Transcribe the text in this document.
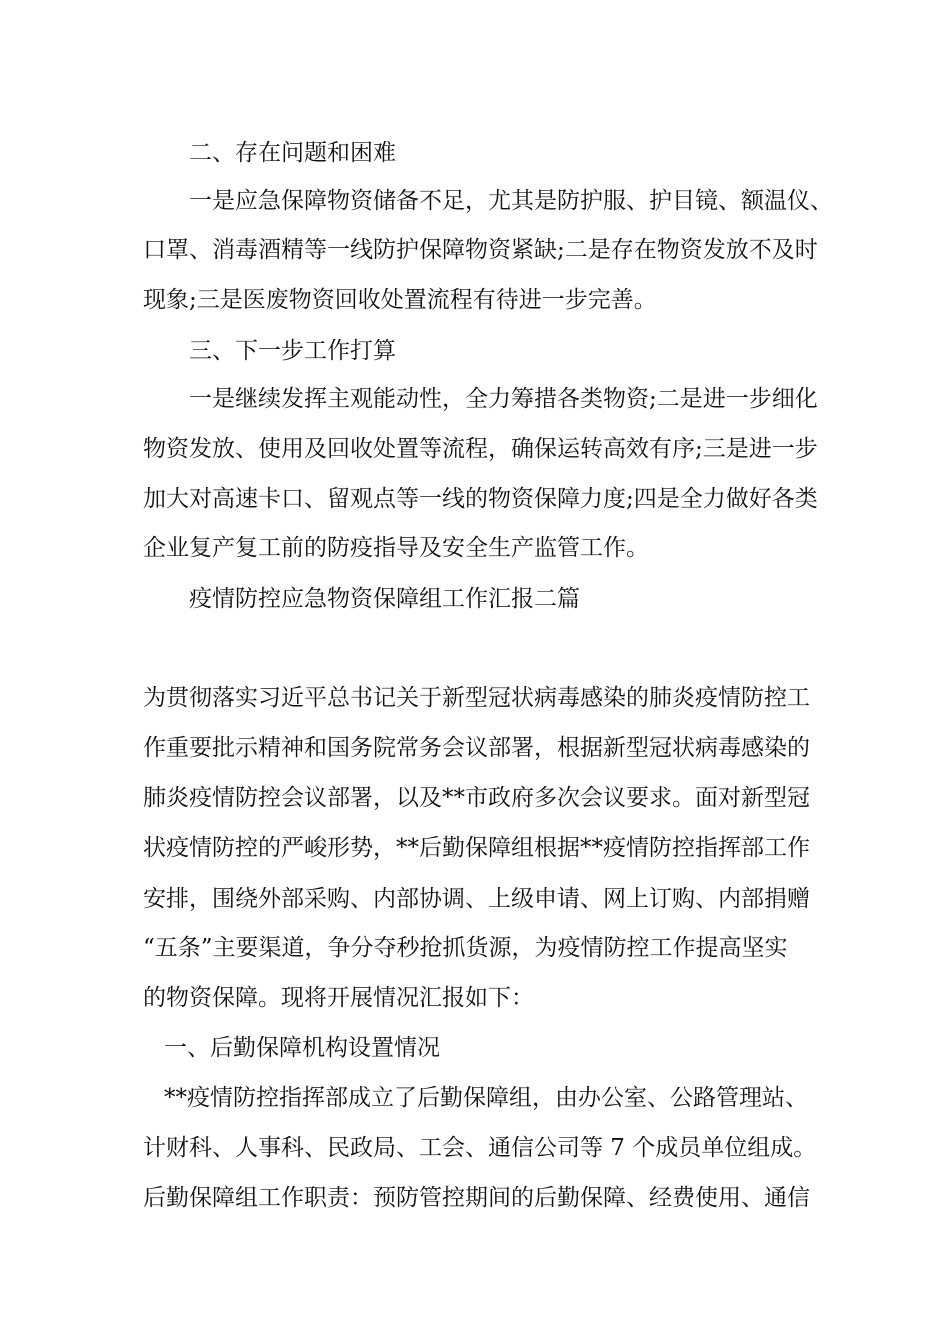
二、存在问题和困难
一是应急保障物资储备不足，尤其是防护服、护目镜、额温仪、
口罩、消毒酒精等一线防护保障物资紧缺;二是存在物资发放不及时
现象;三是医废物资回收处置流程有待进一步完善。
三、下一步工作打算
一是继续发挥主观能动性，全力筹措各类物资;二是进一步细化
物资发放、使用及回收处置等流程，确保运转高效有序;三是进一步
加大对高速卡口、留观点等一线的物资保障力度;四是全力做好各类
企业复产复工前的防疫指导及安全生产监管工作。
疫情防控应急物资保障组工作汇报二篇
为贯彻落实习近平总书记关于新型冠状病毒感染的肺炎疫情防控工
作重要批示精神和国务院常务会议部署，根据新型冠状病毒感染的
肺炎疫情防控会议部署，以及**市政府多次会议要求。面对新型冠
状疫情防控的严峻形势，**后勤保障组根据**疫情防控指挥部工作
安排，围绕外部采购、内部协调、上级申请、网上订购、内部捐赠
“五条”主要渠道，争分夺秒抢抓货源，为疫情防控工作提高坚实
的物资保障。现将开展情况汇报如下：
一、后勤保障机构设置情况
**疫情防控指挥部成立了后勤保障组，由办公室、公路管理站、
计财科、人事科、民政局、工会、通信公司等 7 个成员单位组成。
后勤保障组工作职责：预防管控期间的后勤保障、经费使用、通信
